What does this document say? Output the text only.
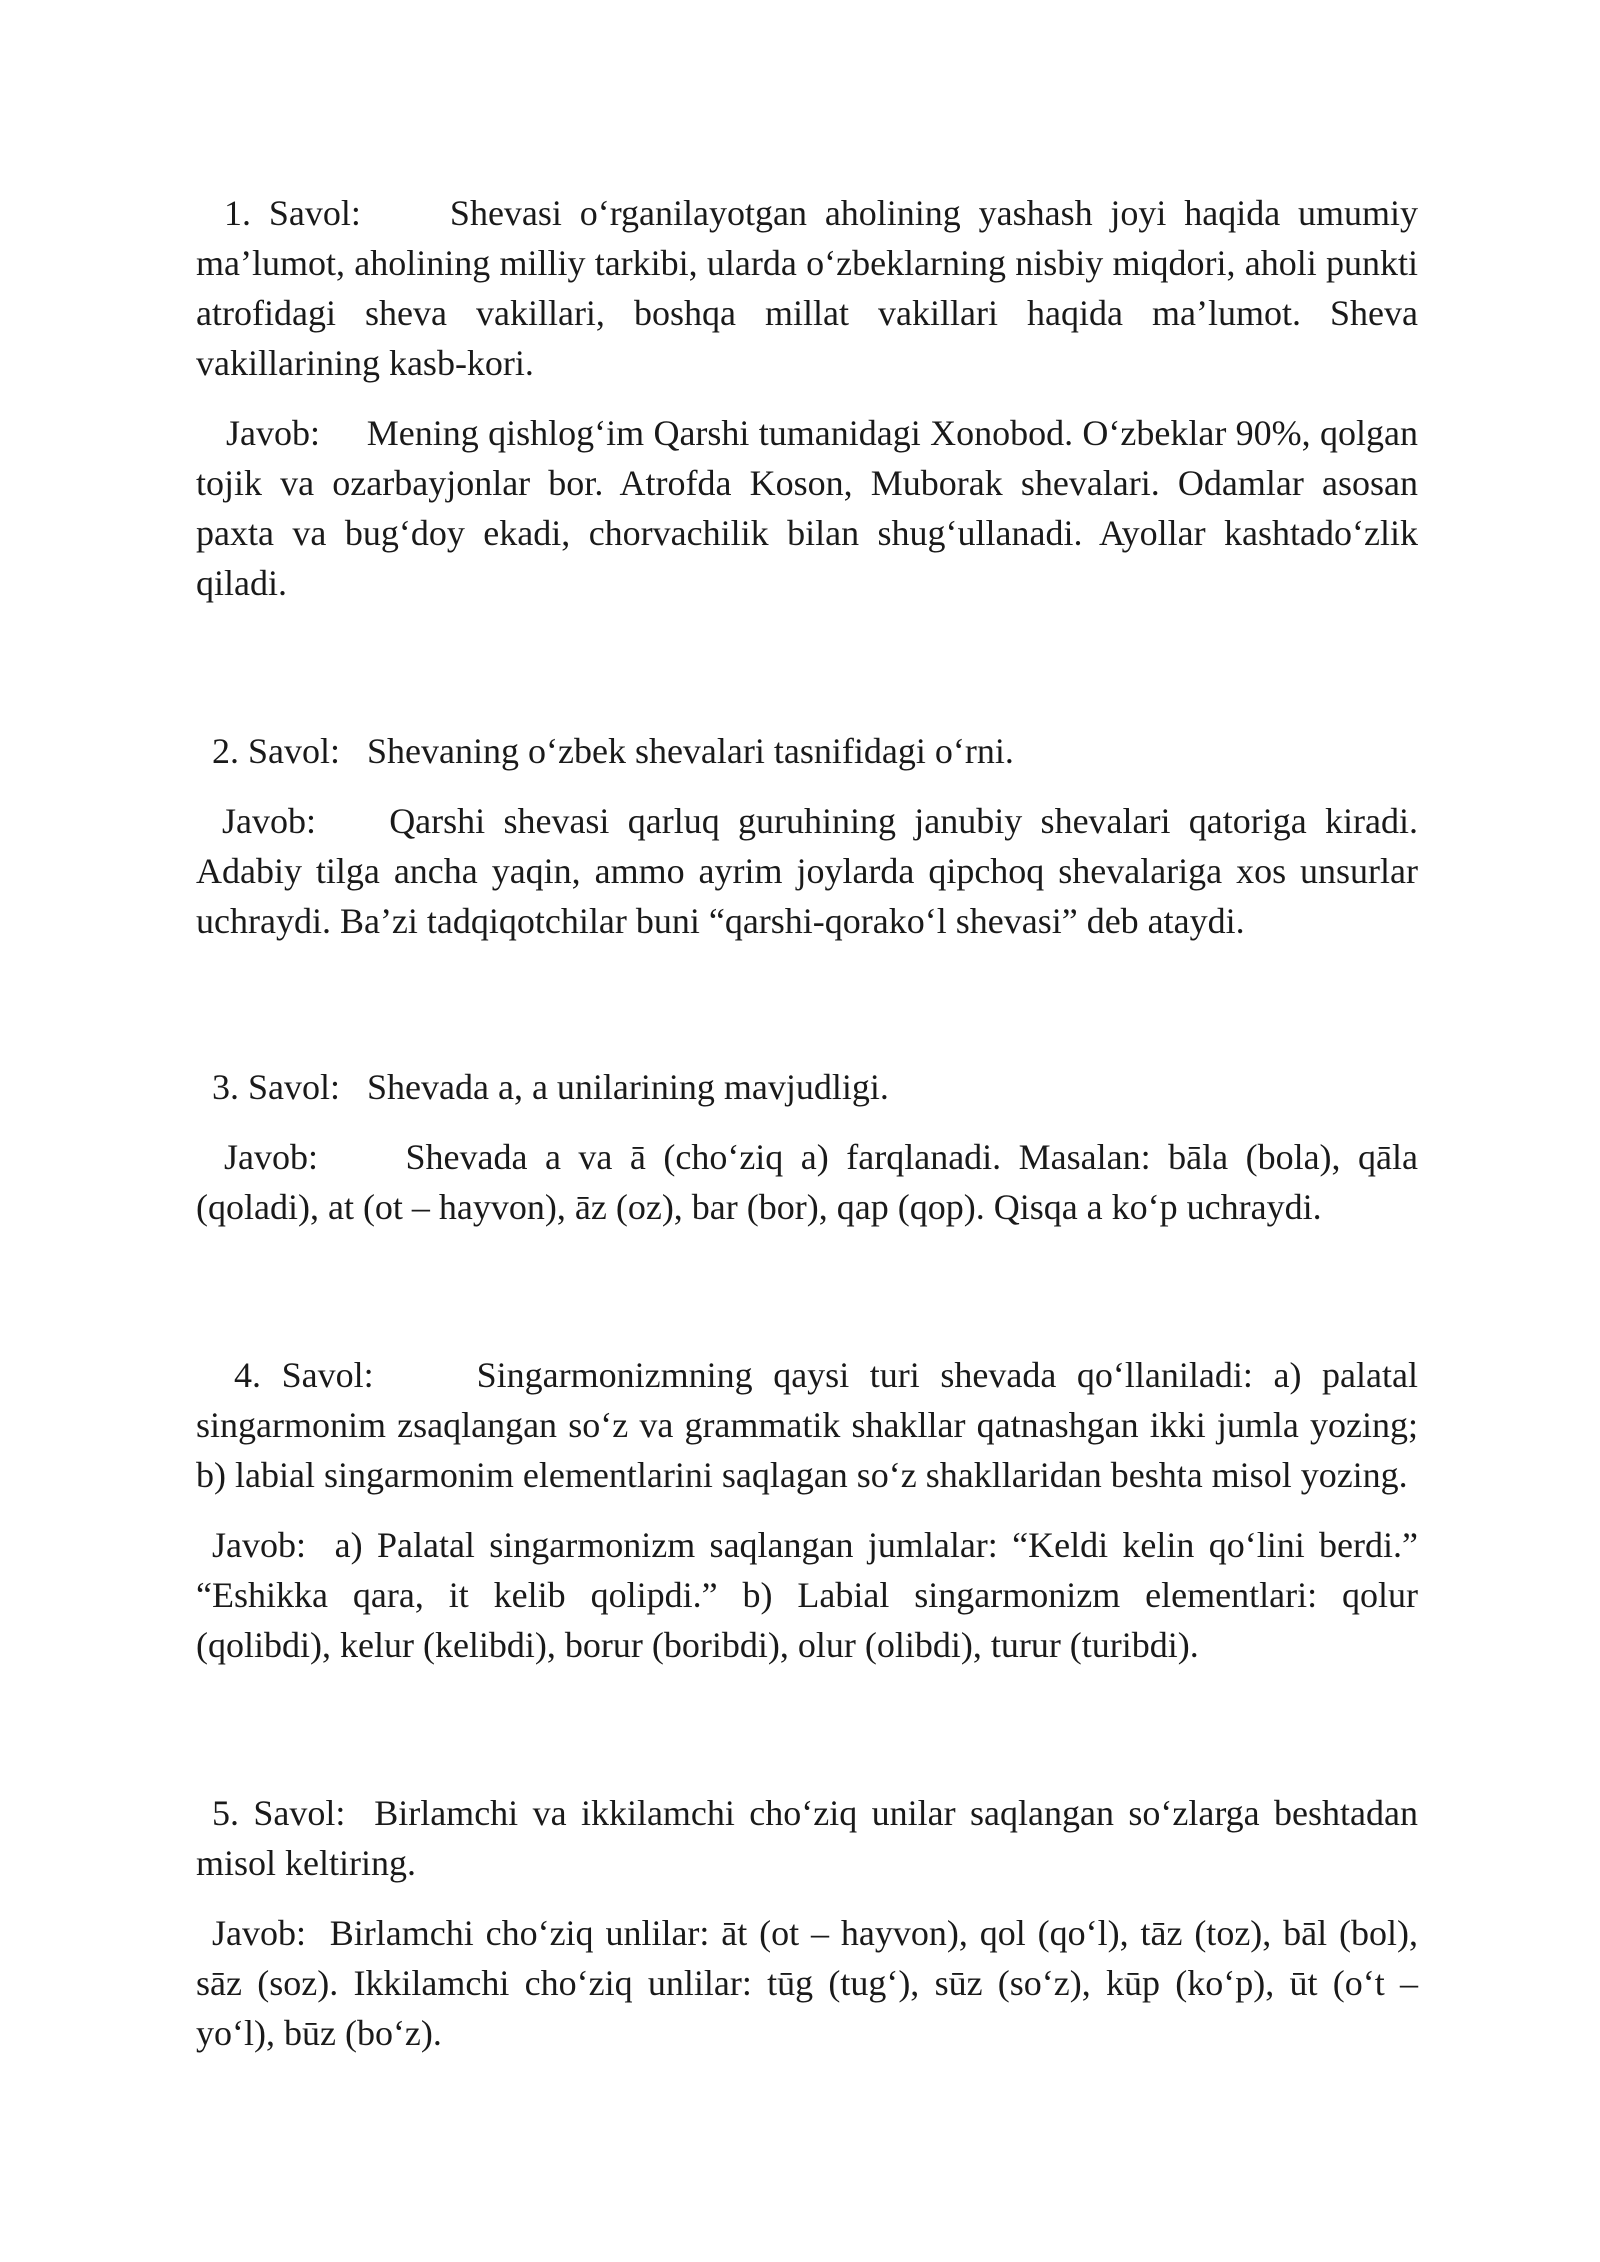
1. Savol: Shevasi o‘rganilayotgan aholining yashash joyi haqida umumiy ma’lumot, aholining milliy tarkibi, ularda o‘zbeklarning nisbiy miqdori, aholi punkti atrofidagi sheva vakillari, boshqa millat vakillari haqida ma’lumot. Sheva vakillarining kasb-kori.

Javob: Mening qishlog‘im Qarshi tumanidagi Xonobod. O‘zbeklar 90%, qolgan tojik va ozarbayjonlar bor. Atrofda Koson, Muborak shevalari. Odamlar asosan paxta va bug‘doy ekadi, chorvachilik bilan shug‘ullanadi. Ayollar kashtado‘zlik qiladi.

2. Savol: Shevaning o‘zbek shevalari tasnifidagi o‘rni.

Javob: Qarshi shevasi qarluq guruhining janubiy shevalari qatoriga kiradi. Adabiy tilga ancha yaqin, ammo ayrim joylarda qipchoq shevalariga xos unsurlar uchraydi. Ba’zi tadqiqotchilar buni “qarshi-qorako‘l shevasi” deb ataydi.

3. Savol: Shevada a, a unilarining mavjudligi.

Javob: Shevada a va ā (cho‘ziq a) farqlanadi. Masalan: bāla (bola), qāla (qoladi), at (ot – hayvon), āz (oz), bar (bor), qap (qop). Qisqa a ko‘p uchraydi.

4. Savol:	Singarmonizmning qaysi turi shevada qo‘llaniladi: a) palatal singarmonim zsaqlangan so‘z va grammatik shakllar qatnashgan ikki jumla yozing; b) labial singarmonim elementlarini saqlagan so‘z shakllaridan beshta misol yozing.

Javob: a) Palatal singarmonizm saqlangan jumlalar: “Keldi kelin qo‘lini berdi.” “Eshikka qara, it kelib qolipdi.” b) Labial singarmonizm elementlari: qolur (qolibdi), kelur (kelibdi), borur (boribdi), olur (olibdi), turur (turibdi).

5. Savol: Birlamchi va ikkilamchi cho‘ziq unilar saqlangan so‘zlarga beshtadan misol keltiring.

Javob: Birlamchi cho‘ziq unlilar: āt (ot – hayvon), qol (qo‘l), tāz (toz), bāl (bol), sāz (soz). Ikkilamchi cho‘ziq unlilar: tūg (tug‘), sūz (so‘z), kūp (ko‘p), ūt (o‘t – yo‘l), būz (bo‘z).
